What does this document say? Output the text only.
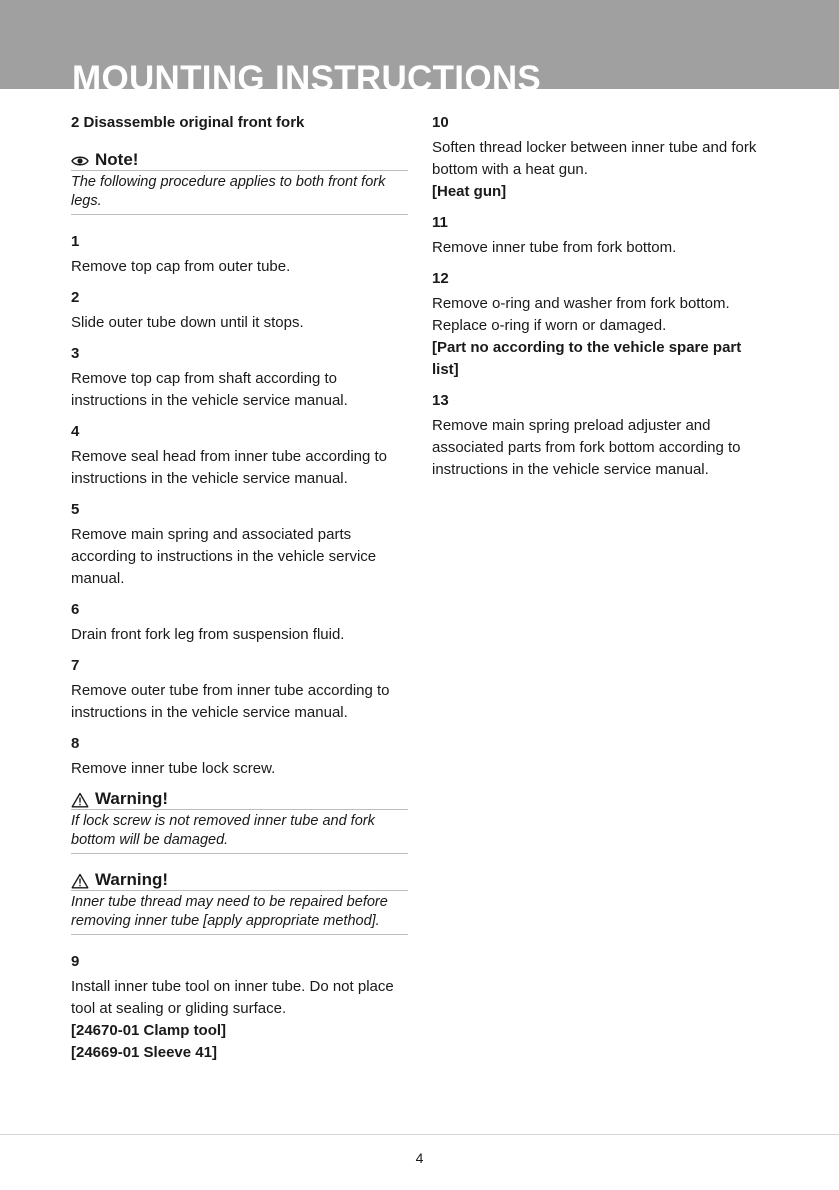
MOUNTING INSTRUCTIONS
2 Disassemble original front fork
Note!
The following procedure applies to both front fork legs.
1
Remove top cap from outer tube.
2
Slide outer tube down until it stops.
3
Remove top cap from shaft according to instructions in the vehicle service manual.
4
Remove seal head from inner tube according to instructions in the vehicle service manual.
5
Remove main spring and associated parts according to instructions in the vehicle service manual.
6
Drain front fork leg from suspension fluid.
7
Remove outer tube from inner tube according to instructions in the vehicle service manual.
8
Remove inner tube lock screw.
Warning!
If lock screw is not removed inner tube and fork bottom will be damaged.
Warning!
Inner tube thread may need to be repaired before removing inner tube [apply appropriate method].
9
Install inner tube tool on inner tube. Do not place tool at sealing or gliding surface.
[24670-01 Clamp tool]
[24669-01 Sleeve 41]
10
Soften thread locker between inner tube and fork bottom with a heat gun.
[Heat gun]
11
Remove inner tube from fork bottom.
12
Remove o-ring and washer from fork bottom. Replace o-ring if worn or damaged.
[Part no according to the vehicle spare part list]
13
Remove main spring preload adjuster and associated parts from fork bottom according to instructions in the vehicle service manual.
4
